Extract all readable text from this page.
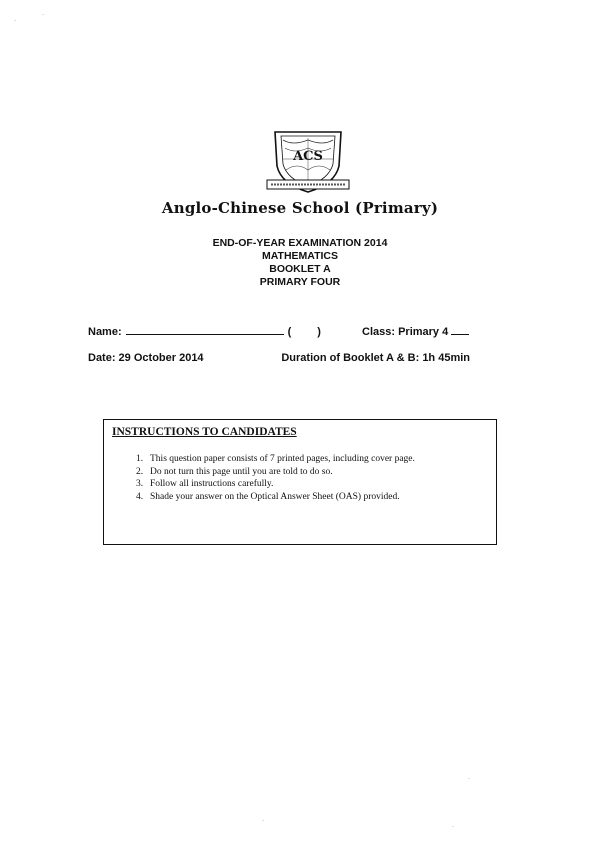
ACS
Anglo-Chinese School (Primary)
END-OF-YEAR EXAMINATION 2014
MATHEMATICS
BOOKLET A
PRIMARY FOUR
Name:	( )	Class: Primary 4
Date: 29 October 2014	Duration of Booklet A & B: 1h 45min
INSTRUCTIONS TO CANDIDATES
1. This question paper consists of 7 printed pages, including cover page.
2. Do not turn this page until you are told to do so.
3. Follow all instructions carefully.
4. Shade your answer on the Optical Answer Sheet (OAS) provided.
·
·
·
·
·
